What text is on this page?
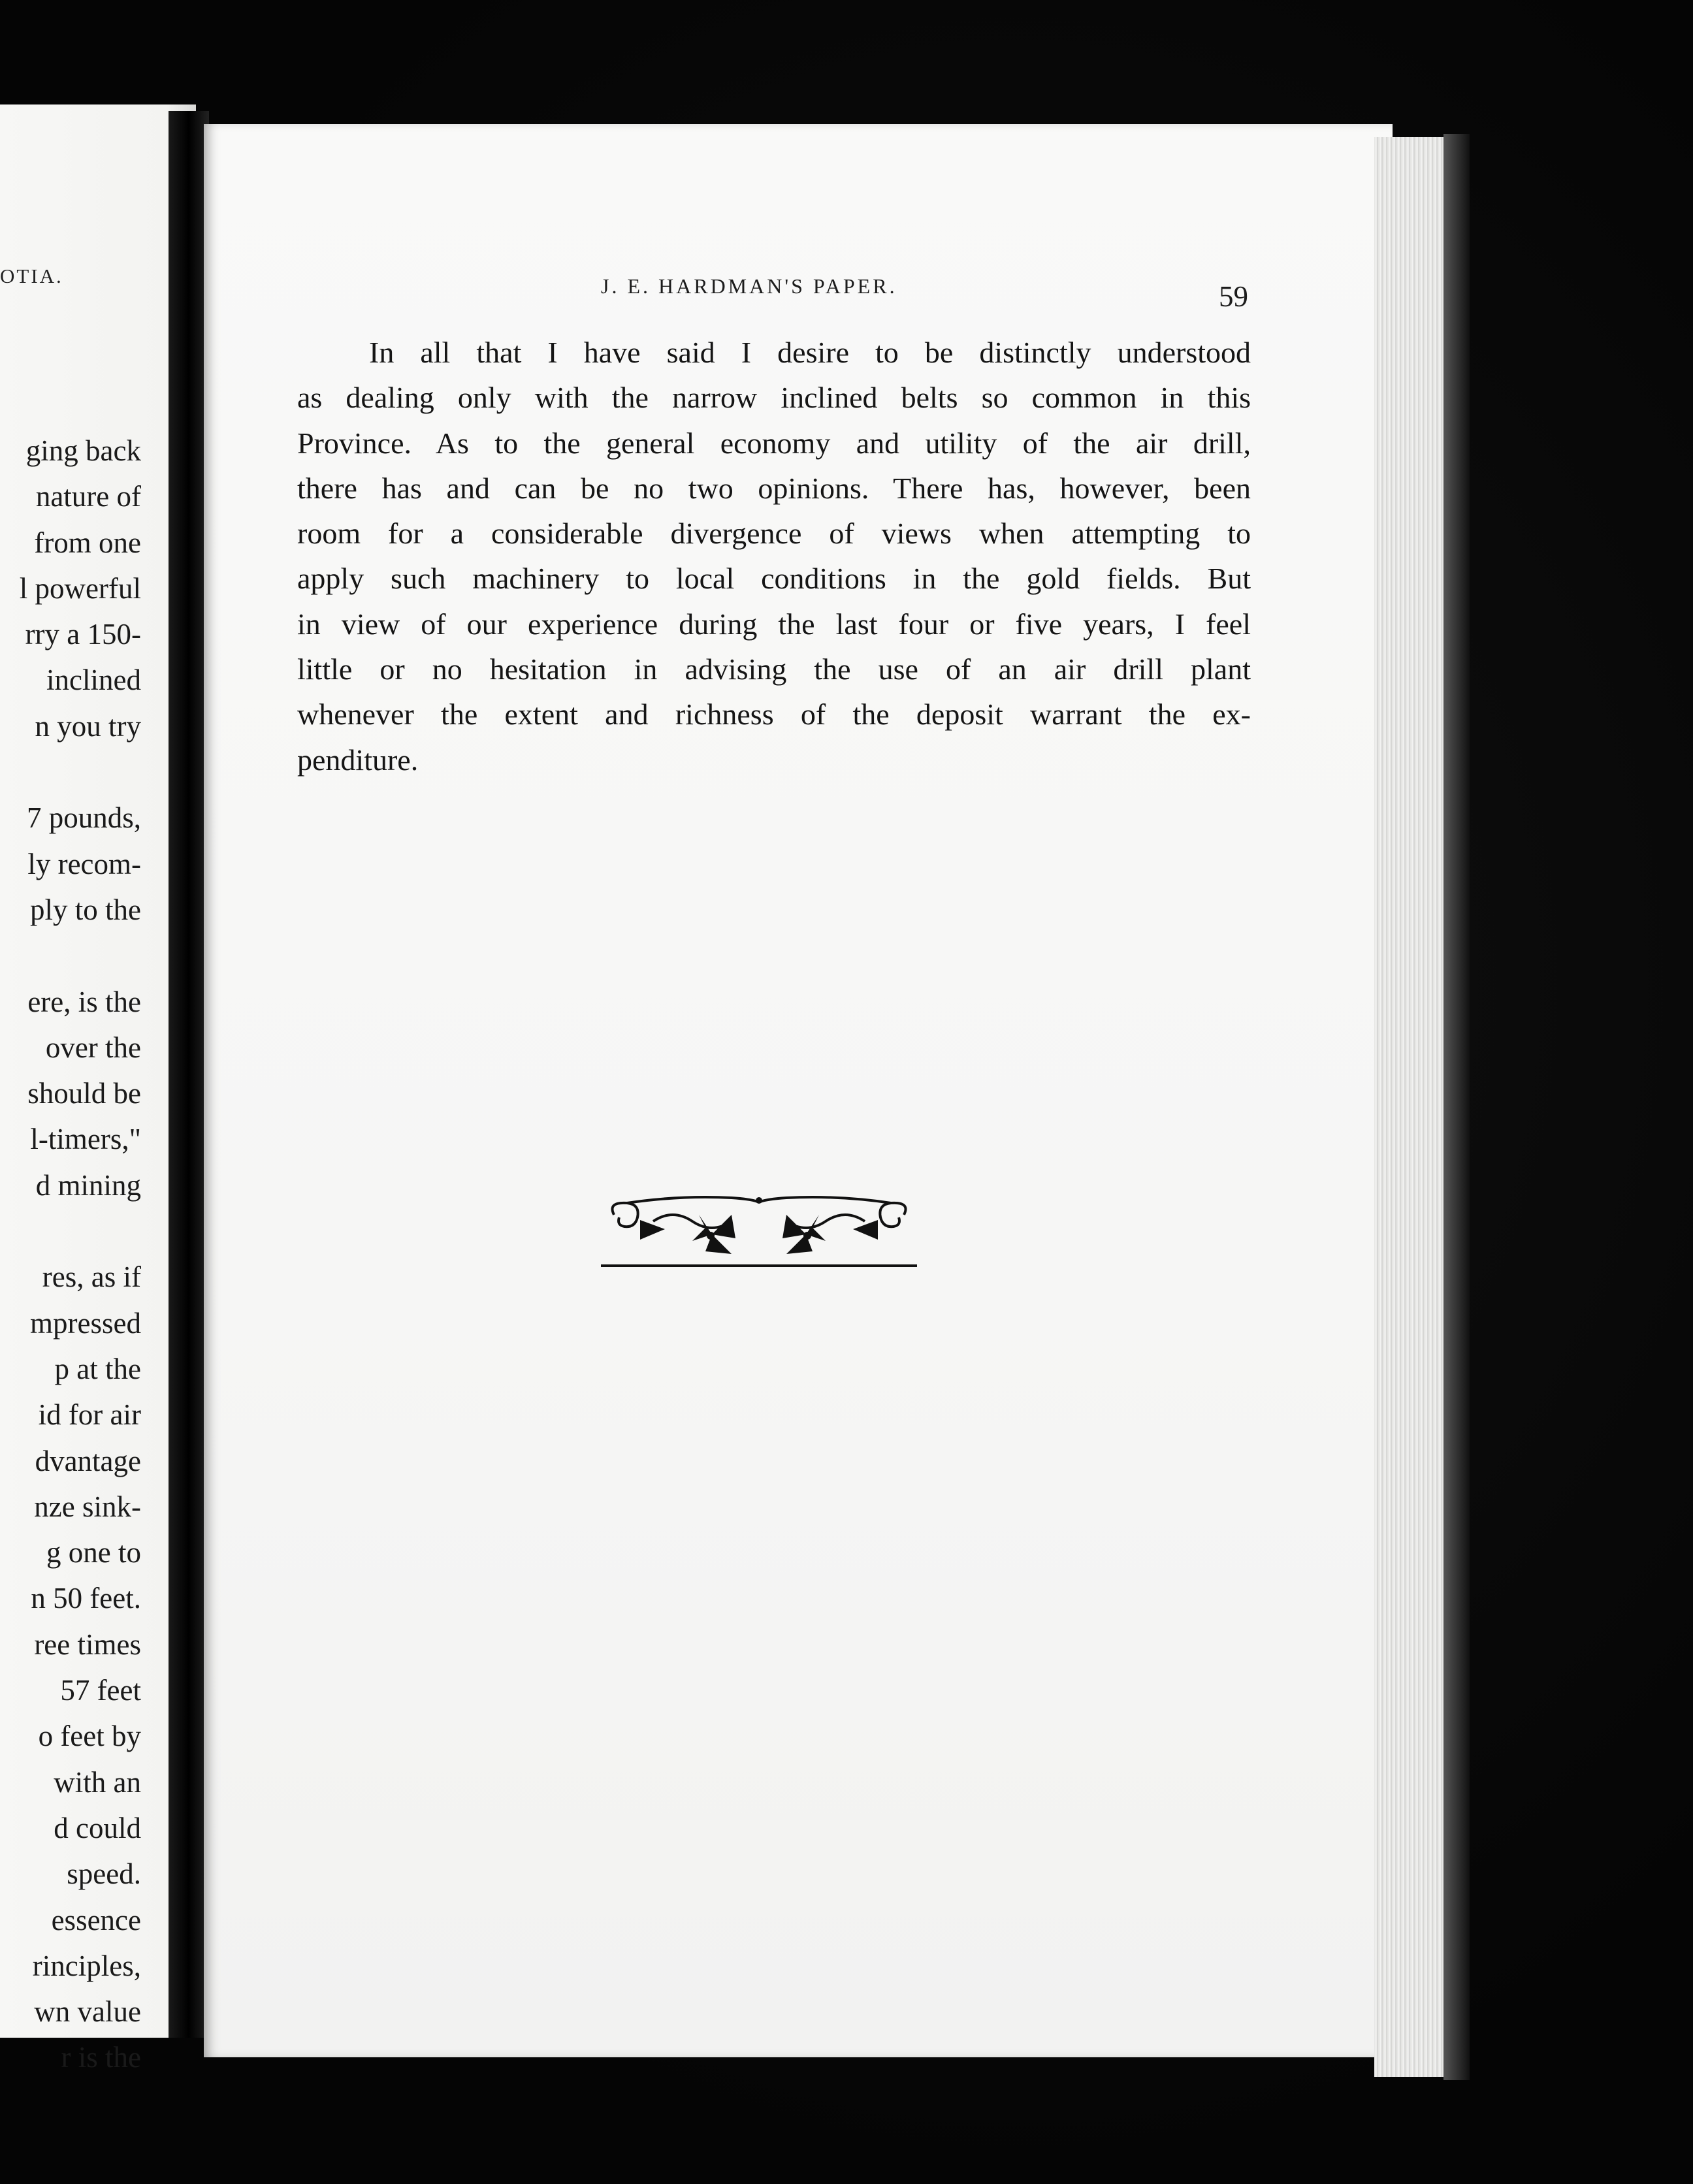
OTIA.
ging back
nature of
from one
l powerful
rry a 150-
inclined
n you try
7 pounds,
ly recom-
ply to the
ere, is the
over the
should be
l-timers,"
d mining
res, as if
mpressed
p at the
id for air
dvantage
nze sink-
g one to
n 50 feet.
ree times
57 feet
o feet by
with an
d could
speed.
essence
rinciples,
wn value
r is the
J. E. HARDMAN'S PAPER.	59
In all that I have said I desire to be distinctly understood
as dealing only with the narrow inclined belts so common in this
Province. As to the general economy and utility of the air drill,
there has and can be no two opinions. There has, however, been
room for a considerable divergence of views when attempting to
apply such machinery to local conditions in the gold fields. But
in view of our experience during the last four or five years, I feel
little or no hesitation in advising the use of an air drill plant
whenever the extent and richness of the deposit warrant the ex-
penditure.
